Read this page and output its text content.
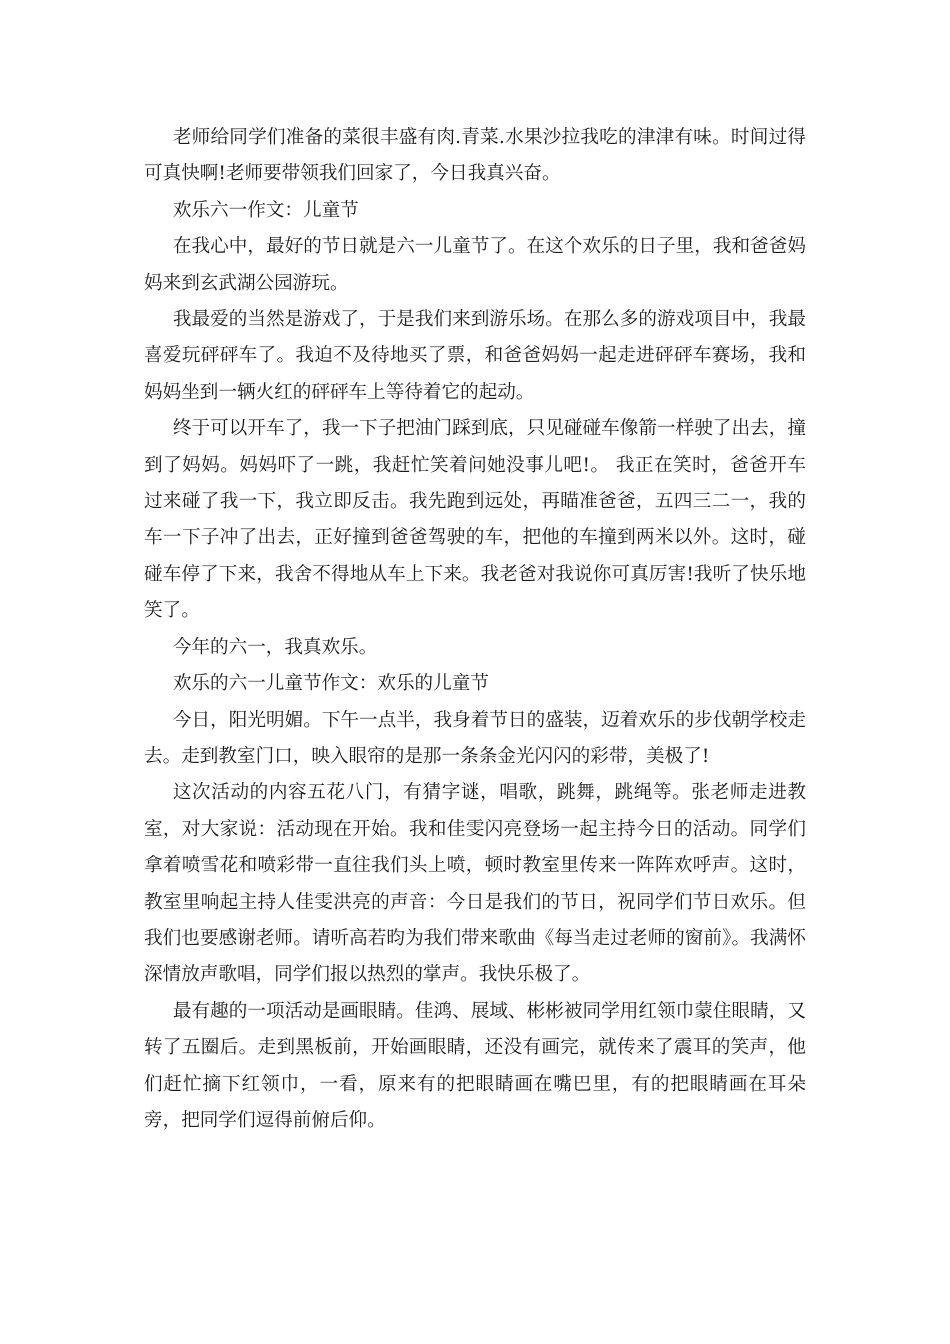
老师给同学们准备的菜很丰盛有肉.青菜.水果沙拉我吃的津津有味。时间过得可真快啊!老师要带领我们回家了，今日我真兴奋。

欢乐六一作文：儿童节

在我心中，最好的节日就是六一儿童节了。在这个欢乐的日子里，我和爸爸妈妈来到玄武湖公园游玩。

我最爱的当然是游戏了，于是我们来到游乐场。在那么多的游戏项目中，我最喜爱玩砰砰车了。我迫不及待地买了票，和爸爸妈妈一起走进砰砰车赛场，我和妈妈坐到一辆火红的砰砰车上等待着它的起动。

终于可以开车了，我一下子把油门踩到底，只见碰碰车像箭一样驶了出去，撞到了妈妈。妈妈吓了一跳，我赶忙笑着问她没事儿吧!。 我正在笑时，爸爸开车过来碰了我一下，我立即反击。我先跑到远处，再瞄准爸爸，五四三二一，我的车一下子冲了出去，正好撞到爸爸驾驶的车，把他的车撞到两米以外。这时，碰碰车停了下来，我舍不得地从车上下来。我老爸对我说你可真厉害!我听了快乐地笑了。

今年的六一，我真欢乐。

欢乐的六一儿童节作文：欢乐的儿童节

今日，阳光明媚。下午一点半，我身着节日的盛装，迈着欢乐的步伐朝学校走去。走到教室门口，映入眼帘的是那一条条金光闪闪的彩带，美极了!

这次活动的内容五花八门，有猜字谜，唱歌，跳舞，跳绳等。张老师走进教室，对大家说：活动现在开始。我和佳雯闪亮登场一起主持今日的活动。同学们拿着喷雪花和喷彩带一直往我们头上喷，顿时教室里传来一阵阵欢呼声。这时，教室里响起主持人佳雯洪亮的声音：今日是我们的节日，祝同学们节日欢乐。但我们也要感谢老师。请听高若昀为我们带来歌曲《每当走过老师的窗前》。我满怀深情放声歌唱，同学们报以热烈的掌声。我快乐极了。

最有趣的一项活动是画眼睛。佳鸿、展域、彬彬被同学用红领巾蒙住眼睛，又转了五圈后。走到黑板前，开始画眼睛，还没有画完，就传来了震耳的笑声，他们赶忙摘下红领巾，一看，原来有的把眼睛画在嘴巴里，有的把眼睛画在耳朵旁，把同学们逗得前俯后仰。
